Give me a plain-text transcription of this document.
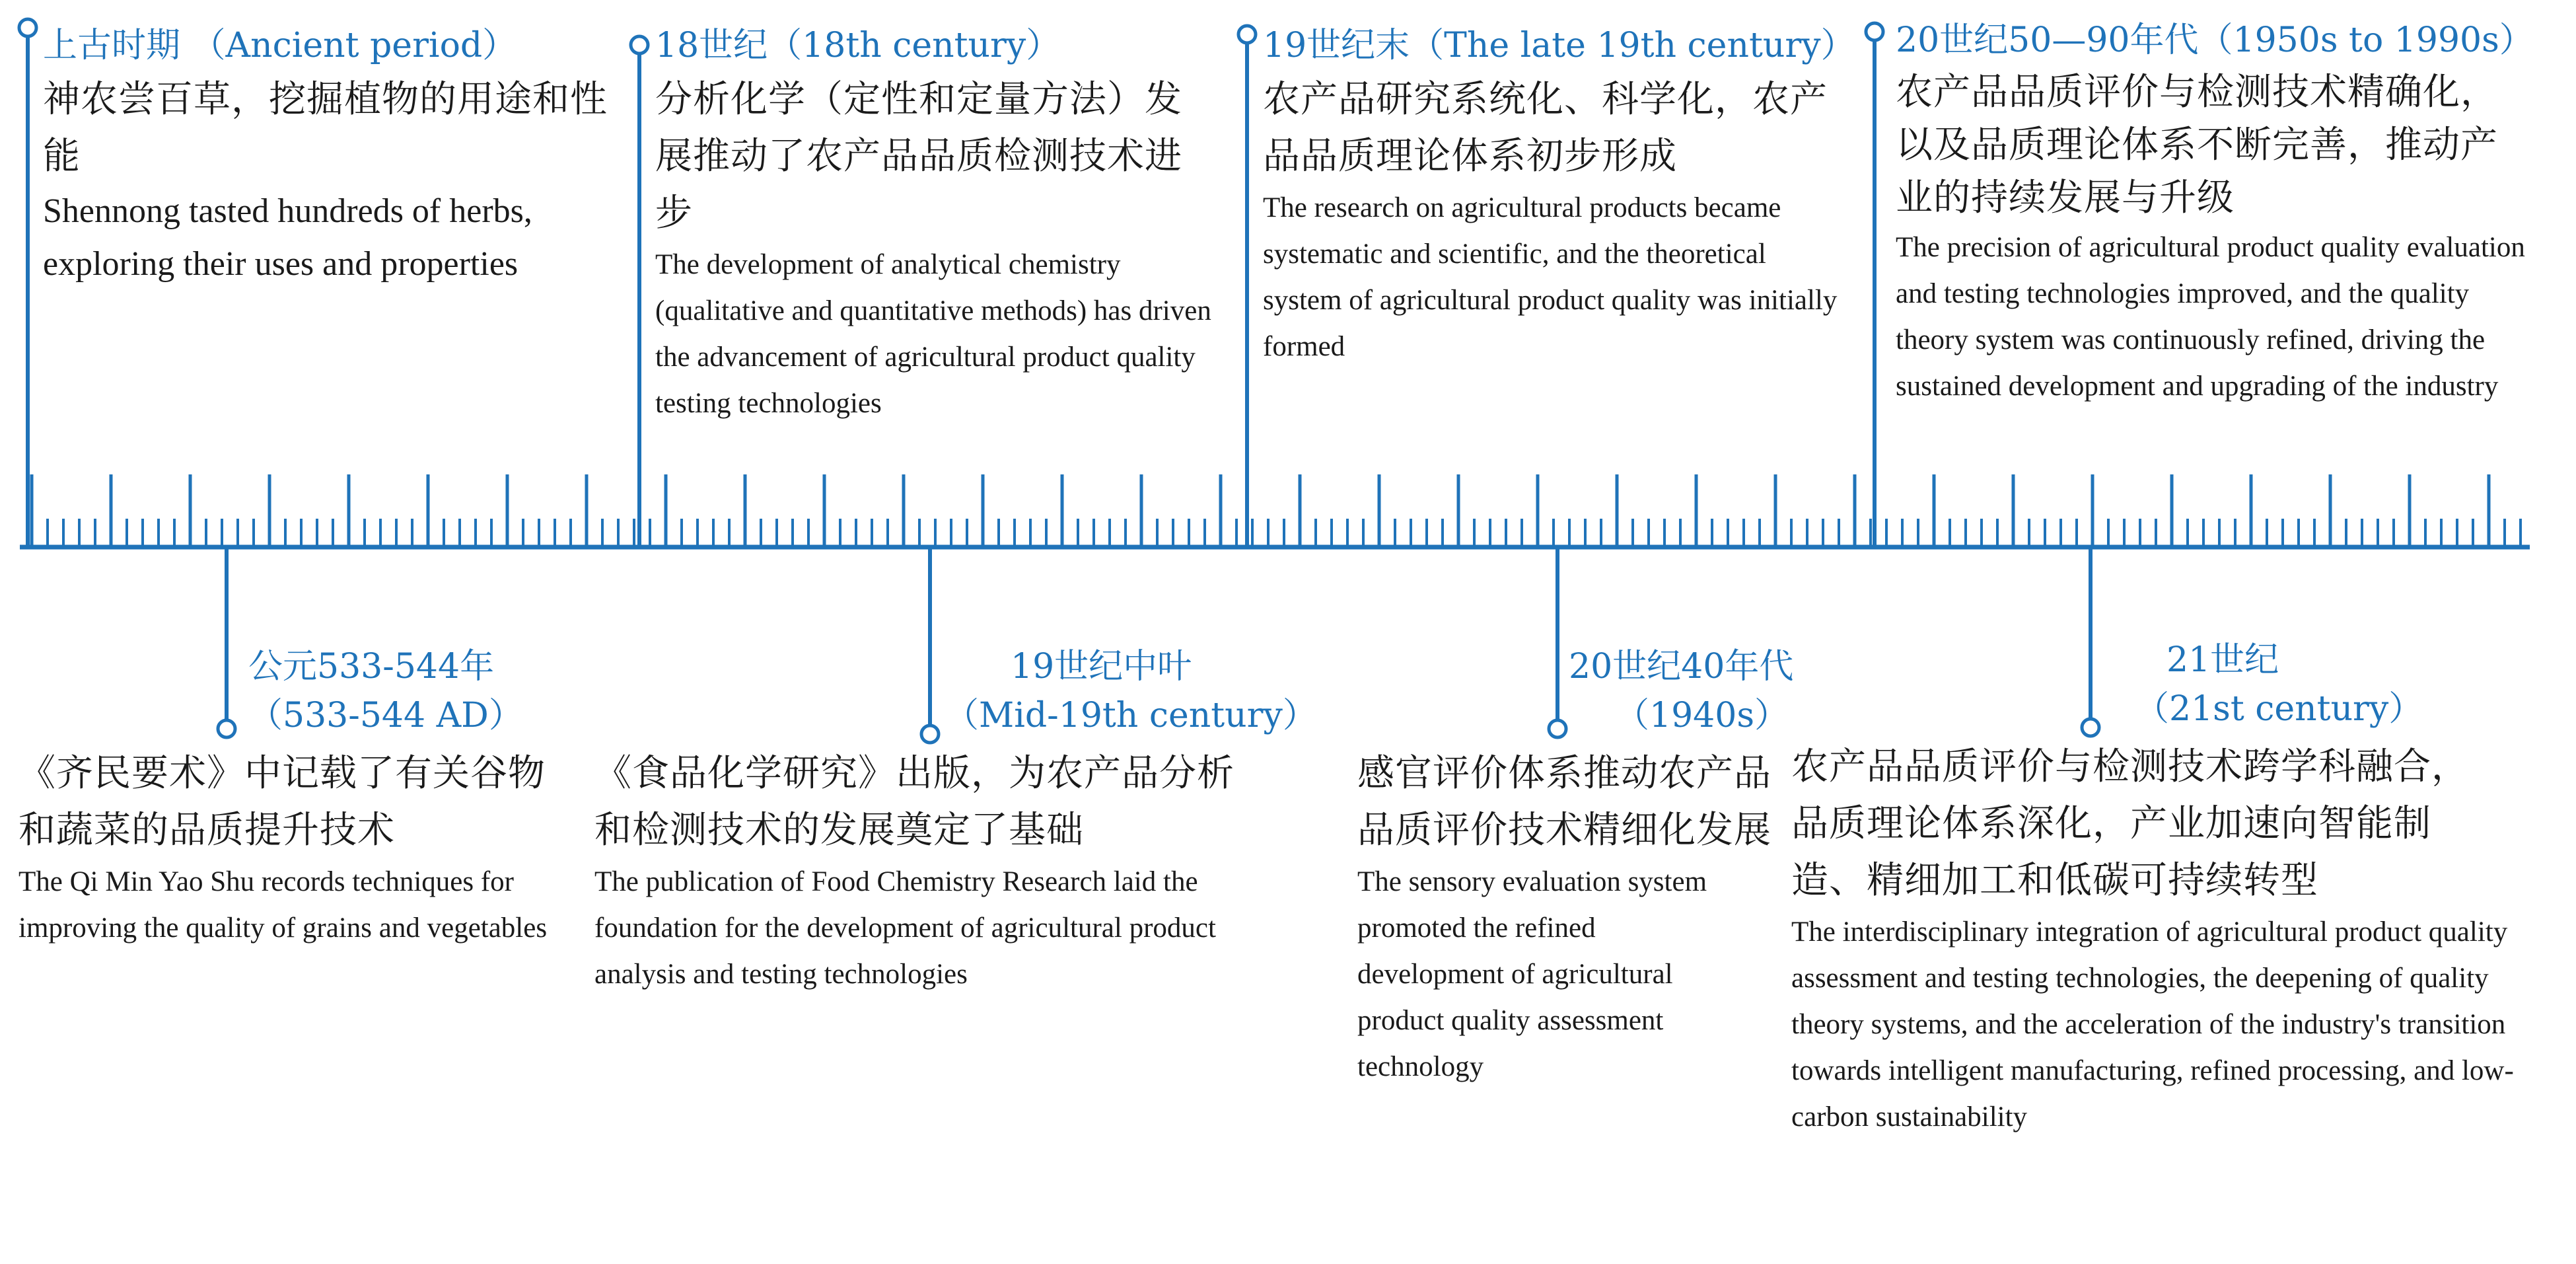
上古时期 （Ancient period）
神农尝百草，挖掘植物的用途和性能
Shennong tasted hundreds of herbs, exploring their uses and properties
18世纪（18th century）
分析化学（定性和定量方法）发展推动了农产品品质检测技术进步
The development of analytical chemistry (qualitative and quantitative methods) has driven the advancement of agricultural product quality testing technologies
19世纪末（The late 19th century）
农产品研究系统化、科学化，农产品品质理论体系初步形成
The research on agricultural products became systematic and scientific, and the theoretical system of agricultural product quality was initially formed
20世纪50—90年代（1950s to 1990s）
农产品品质评价与检测技术精确化，以及品质理论体系不断完善，推动产业的持续发展与升级
The precision of agricultural product quality evaluation and testing technologies improved, and the quality theory system was continuously refined, driving the sustained development and upgrading of the industry
公元533-544年
（533-544 AD）
《齐民要术》中记载了有关谷物和蔬菜的品质提升技术
The Qi Min Yao Shu records techniques for improving the quality of grains and vegetables
19世纪中叶
（Mid-19th century）
《食品化学研究》出版，为农产品分析和检测技术的发展奠定了基础
The publication of Food Chemistry Research laid the foundation for the development of agricultural product analysis and testing technologies
20世纪40年代
（1940s）
感官评价体系推动农产品品质评价技术精细化发展
The sensory evaluation system promoted the refined development of agricultural product quality assessment technology
21世纪
（21st century）
农产品品质评价与检测技术跨学科融合，品质理论体系深化，产业加速向智能制造、精细加工和低碳可持续转型
The interdisciplinary integration of agricultural product quality assessment and testing technologies, the deepening of quality theory systems, and the acceleration of the industry's transition towards intelligent manufacturing, refined processing, and low-carbon sustainability
